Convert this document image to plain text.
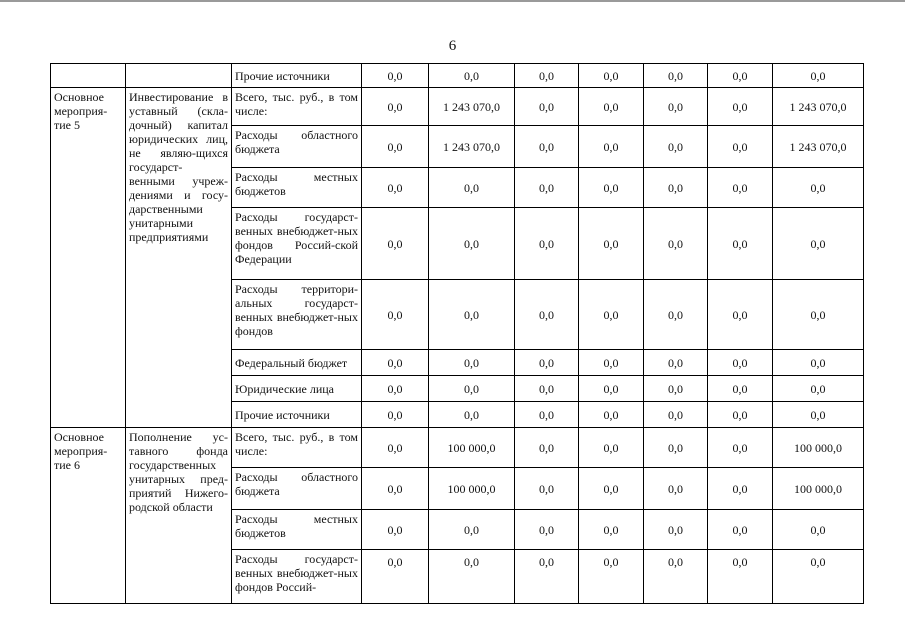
6
		Прочие источники	0,0	0,0	0,0	0,0	0,0	0,0	0,0
Основное мероприя-тие 5	Инвестирование в уставный (скла-дочный) капитал юридических лиц, не являю-щихся государст-венными учреж-дениями и госу-дарственными унитарными предприятиями	Всего, тыс. руб., в том числе:	0,0	1 243 070,0	0,0	0,0	0,0	0,0	1 243 070,0
		Расходы областного бюджета	0,0	1 243 070,0	0,0	0,0	0,0	0,0	1 243 070,0
		Расходы местных бюджетов	0,0	0,0	0,0	0,0	0,0	0,0	0,0
		Расходы государст-венных внебюджет-ных фондов Россий-ской Федерации	0,0	0,0	0,0	0,0	0,0	0,0	0,0
		Расходы территори-альных государст-венных внебюджет-ных фондов	0,0	0,0	0,0	0,0	0,0	0,0	0,0
		Федеральный бюджет	0,0	0,0	0,0	0,0	0,0	0,0	0,0
		Юридические лица	0,0	0,0	0,0	0,0	0,0	0,0	0,0
		Прочие источники	0,0	0,0	0,0	0,0	0,0	0,0	0,0
Основное мероприя-тие 6	Пополнение ус-тавного фонда государственных унитарных пред-приятий Нижего-родской области	Всего, тыс. руб., в том числе:	0,0	100 000,0	0,0	0,0	0,0	0,0	100 000,0
		Расходы областного бюджета	0,0	100 000,0	0,0	0,0	0,0	0,0	100 000,0
		Расходы местных бюджетов	0,0	0,0	0,0	0,0	0,0	0,0	0,0
		Расходы государст-венных внебюджет-ных фондов Россий-	0,0	0,0	0,0	0,0	0,0	0,0	0,0
